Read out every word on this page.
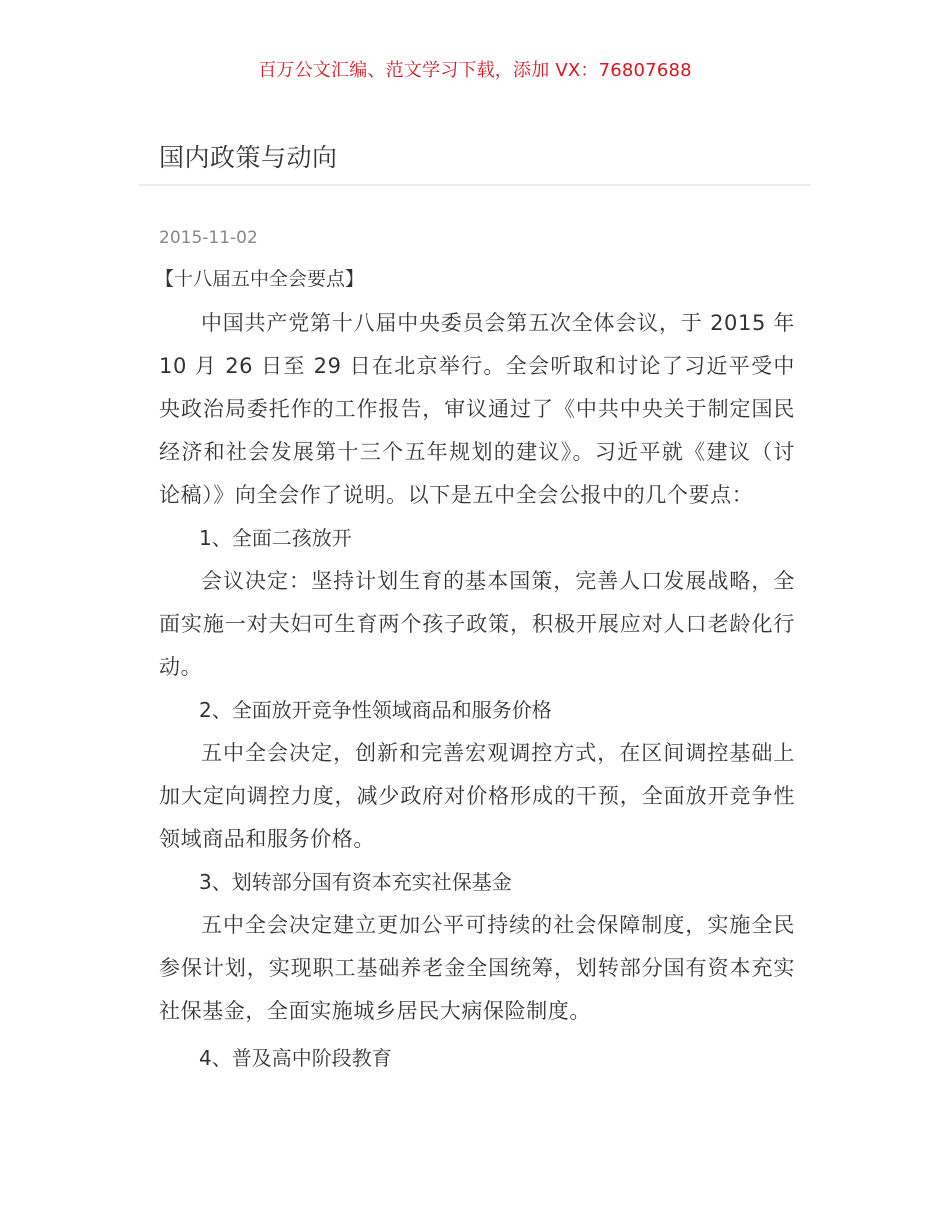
百万公文汇编、范文学习下载，添加 VX：76807688
国内政策与动向
2015-11-02
【十八届五中全会要点】

中国共产党第十八届中央委员会第五次全体会议，于 2015 年 10 月 26 日至 29 日在北京举行。全会听取和讨论了习近平受中央政治局委托作的工作报告，审议通过了《中共中央关于制定国民经济和社会发展第十三个五年规划的建议》。习近平就《建议（讨论稿）》向全会作了说明。以下是五中全会公报中的几个要点：

1、全面二孩放开

会议决定：坚持计划生育的基本国策，完善人口发展战略，全面实施一对夫妇可生育两个孩子政策，积极开展应对人口老龄化行动。

2、全面放开竞争性领域商品和服务价格

五中全会决定，创新和完善宏观调控方式，在区间调控基础上加大定向调控力度，减少政府对价格形成的干预，全面放开竞争性领域商品和服务价格。

3、划转部分国有资本充实社保基金

五中全会决定建立更加公平可持续的社会保障制度，实施全民参保计划，实现职工基础养老金全国统筹，划转部分国有资本充实社保基金，全面实施城乡居民大病保险制度。

4、普及高中阶段教育
